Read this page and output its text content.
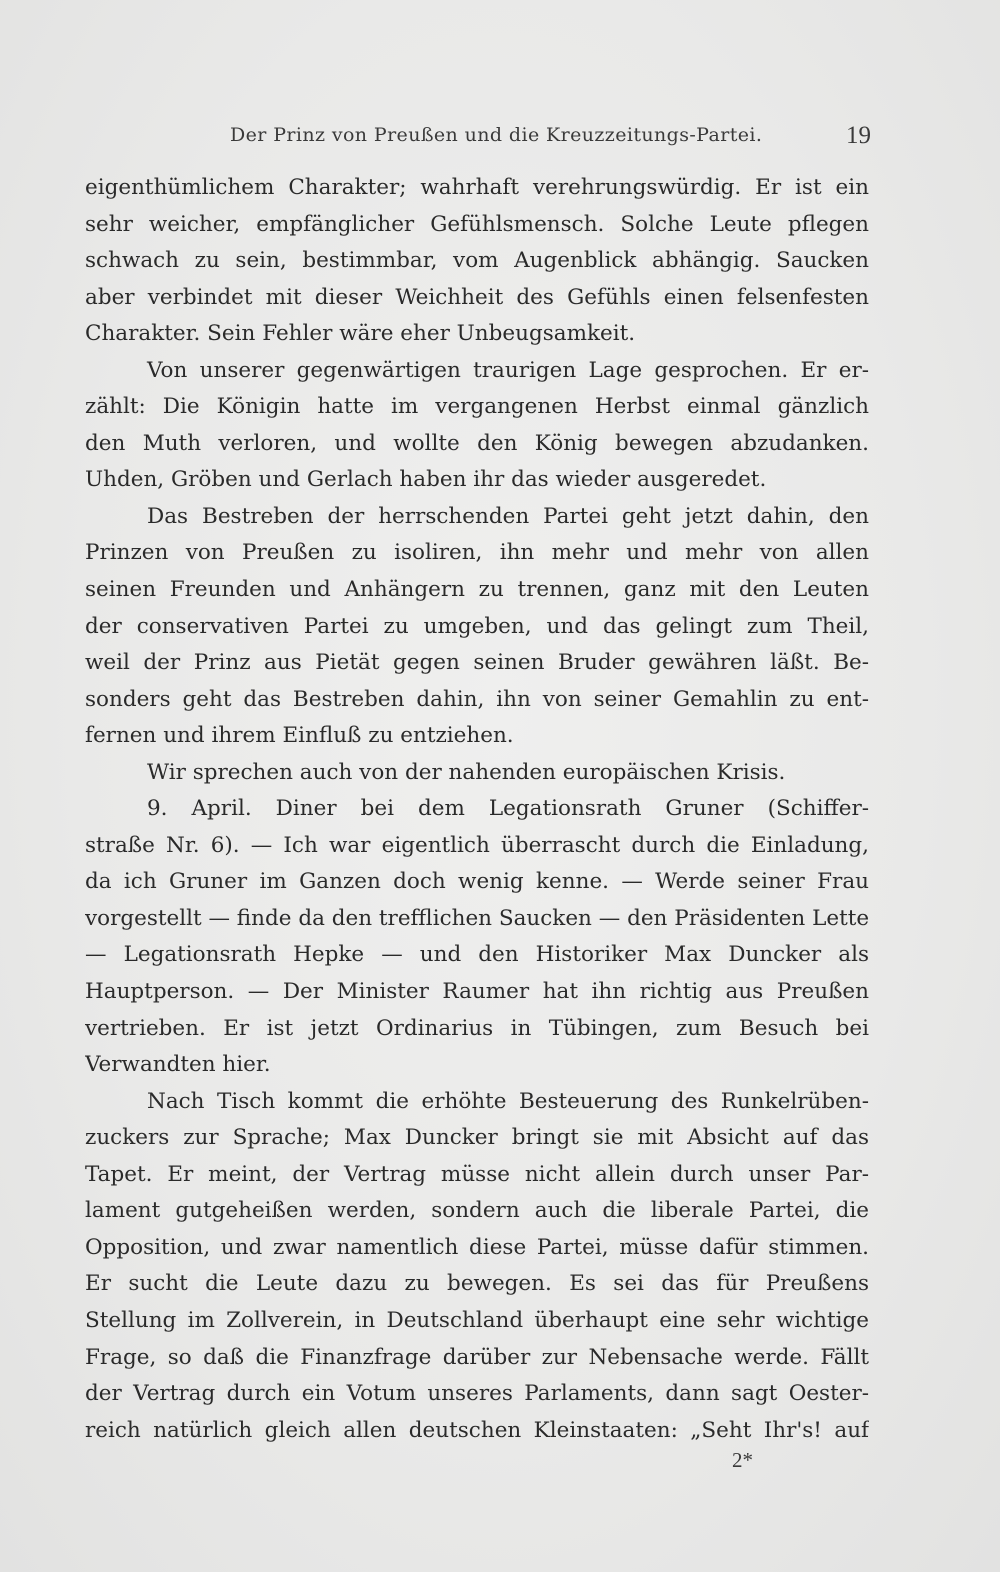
Der Prinz von Preußen und die Kreuzzeitungs-Partei.	19
eigenthümlichem Charakter; wahrhaft verehrungswürdig. Er ist ein
sehr weicher, empfänglicher Gefühlsmensch. Solche Leute pflegen
schwach zu sein, bestimmbar, vom Augenblick abhängig. Saucken
aber verbindet mit dieser Weichheit des Gefühls einen felsenfesten
Charakter. Sein Fehler wäre eher Unbeugsamkeit.
Von unserer gegenwärtigen traurigen Lage gesprochen. Er er-
zählt: Die Königin hatte im vergangenen Herbst einmal gänzlich
den Muth verloren, und wollte den König bewegen abzudanken.
Uhden, Gröben und Gerlach haben ihr das wieder ausgeredet.
Das Bestreben der herrschenden Partei geht jetzt dahin, den
Prinzen von Preußen zu isoliren, ihn mehr und mehr von allen
seinen Freunden und Anhängern zu trennen, ganz mit den Leuten
der conservativen Partei zu umgeben, und das gelingt zum Theil,
weil der Prinz aus Pietät gegen seinen Bruder gewähren läßt. Be-
sonders geht das Bestreben dahin, ihn von seiner Gemahlin zu ent-
fernen und ihrem Einfluß zu entziehen.
Wir sprechen auch von der nahenden europäischen Krisis.
9. April. Diner bei dem Legationsrath Gruner (Schiffer-
straße Nr. 6). — Ich war eigentlich überrascht durch die Einladung,
da ich Gruner im Ganzen doch wenig kenne. — Werde seiner Frau
vorgestellt — finde da den trefflichen Saucken — den Präsidenten Lette
— Legationsrath Hepke — und den Historiker Max Duncker als
Hauptperson. — Der Minister Raumer hat ihn richtig aus Preußen
vertrieben. Er ist jetzt Ordinarius in Tübingen, zum Besuch bei
Verwandten hier.
Nach Tisch kommt die erhöhte Besteuerung des Runkelrüben-
zuckers zur Sprache; Max Duncker bringt sie mit Absicht auf das
Tapet. Er meint, der Vertrag müsse nicht allein durch unser Par-
lament gutgeheißen werden, sondern auch die liberale Partei, die
Opposition, und zwar namentlich diese Partei, müsse dafür stimmen.
Er sucht die Leute dazu zu bewegen. Es sei das für Preußens
Stellung im Zollverein, in Deutschland überhaupt eine sehr wichtige
Frage, so daß die Finanzfrage darüber zur Nebensache werde. Fällt
der Vertrag durch ein Votum unseres Parlaments, dann sagt Oester-
reich natürlich gleich allen deutschen Kleinstaaten: „Seht Ihr's! auf
2*
